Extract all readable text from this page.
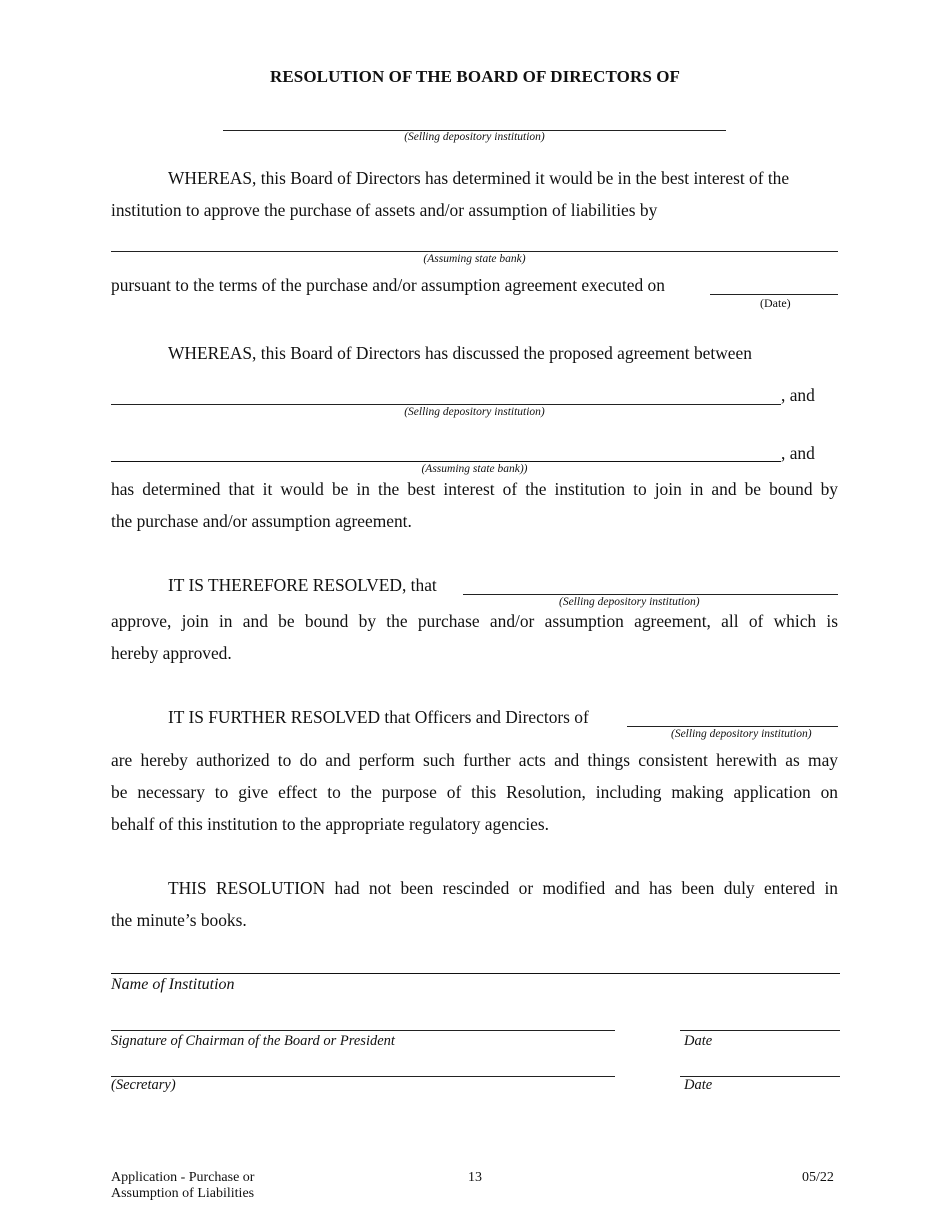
RESOLUTION OF THE BOARD OF DIRECTORS OF
(Selling depository institution)
WHEREAS, this Board of Directors has determined it would be in the best interest of the
institution to approve the purchase of assets and/or assumption of liabilities by
(Assuming state bank)
pursuant to the terms of the purchase and/or assumption agreement executed on
(Date)
WHEREAS, this Board of Directors has discussed the proposed agreement between
, and
(Selling depository institution)
, and
(Assuming state bank))
has determined that it would be in the best interest of the institution to join in and be bound by
the purchase and/or assumption agreement.
IT IS THEREFORE RESOLVED, that
(Selling depository institution)
approve, join in and be bound by the purchase and/or assumption agreement, all of which is
hereby approved.
IT IS FURTHER RESOLVED that Officers and Directors of
(Selling depository institution)
are hereby authorized to do and perform such further acts and things consistent herewith as may
be necessary to give effect to the purpose of this Resolution, including making application on
behalf of this institution to the appropriate regulatory agencies.
THIS RESOLUTION had not been rescinded or modified and has been duly entered in
the minute’s books.
Name of Institution
Signature of Chairman of the Board or President	Date
(Secretary)	Date
Application - Purchase or
Assumption of Liabilities
13	05/22
